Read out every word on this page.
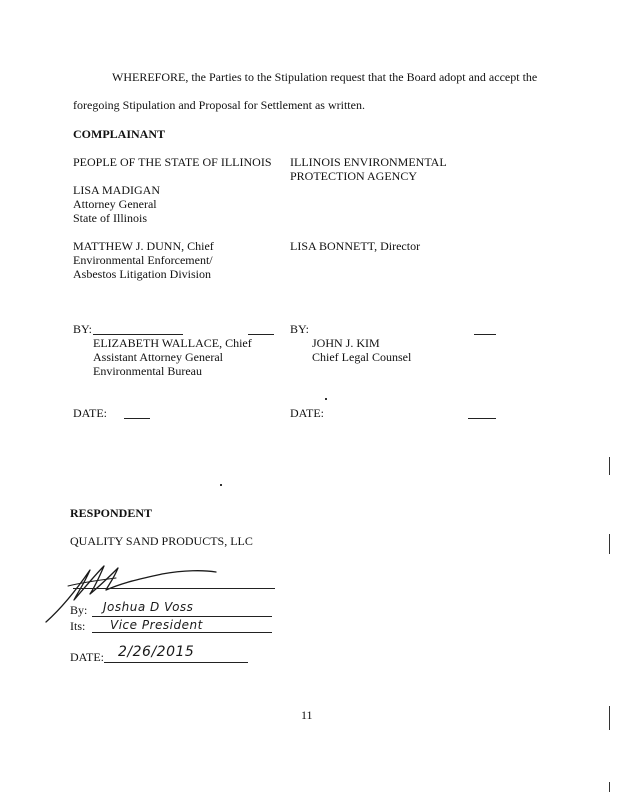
WHEREFORE, the Parties to the Stipulation request that the Board adopt and accept the
foregoing Stipulation and Proposal for Settlement as written.
COMPLAINANT
PEOPLE OF THE STATE OF ILLINOIS ILLINOIS ENVIRONMENTAL
PROTECTION AGENCY
LISA MADIGAN
Attorney General
State of Illinois
MATTHEW J. DUNN, Chief
Environmental Enforcement/
Asbestos Litigation Division
LISA BONNETT, Director
BY:
ELIZABETH WALLACE, Chief
Assistant Attorney General
Environmental Bureau
BY:
JOHN J. KIM
Chief Legal Counsel
DATE:	DATE:
RESPONDENT
QUALITY SAND PRODUCTS, LLC
By: Joshua D Voss
Its: Vice President
DATE: 2/26/2015
11
